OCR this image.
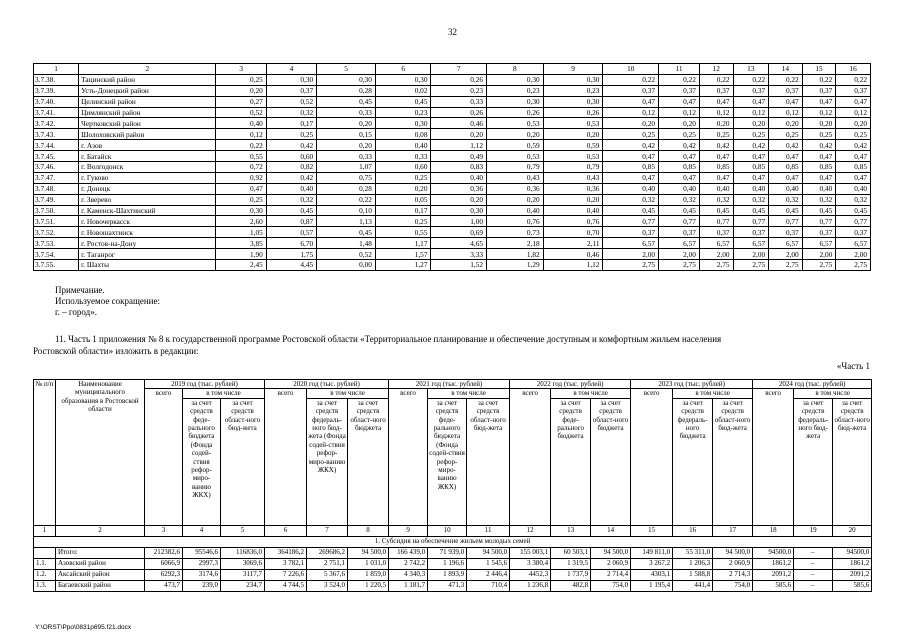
32
1	2	3	4	5	6	7	8	9	10	11	12	13	14	15	16
3.7.38.	Тацинский район	0,25	0,30	0,30	0,30	0,26	0,30	0,30	0,22	0,22	0,22	0,22	0,22	0,22	0,22
3.7.39.	Усть-Донецкий район	0,20	0,37	0,28	0,02	0,23	0,23	0,23	0,37	0,37	0,37	0,37	0,37	0,37	0,37
3.7.40.	Целинский район	0,27	0,52	0,45	0,45	0,33	0,30	0,30	0,47	0,47	0,47	0,47	0,47	0,47	0,47
3.7.41.	Цимлянский район	0,52	0,32	0,33	0,23	0,26	0,26	0,26	0,12	0,12	0,12	0,12	0,12	0,12	0,12
3.7.42.	Чертковский район	0,40	0,17	0,20	0,30	0,46	0,53	0,53	0,20	0,20	0,20	0,20	0,20	0,20	0,20
3.7.43.	Шолоховский район	0,12	0,25	0,15	0,08	0,20	0,20	0,20	0,25	0,25	0,25	0,25	0,25	0,25	0,25
3.7.44.	г. Азов	0,22	0,42	0,20	0,40	1,12	0,59	0,59	0,42	0,42	0,42	0,42	0,42	0,42	0,42
3.7.45.	г. Батайск	0,55	0,60	0,33	0,33	0,49	0,53	0,53	0,47	0,47	0,47	0,47	0,47	0,47	0,47
3.7.46.	г. Волгодонск	0,72	0,82	1,07	0,60	0,83	0,79	0,79	0,85	0,85	0,85	0,85	0,85	0,85	0,85
3.7.47.	г. Гуково	0,92	0,42	0,75	0,25	0,40	0,43	0,43	0,47	0,47	0,47	0,47	0,47	0,47	0,47
3.7.48.	г. Донецк	0,47	0,40	0,28	0,20	0,36	0,36	0,36	0,40	0,40	0,40	0,40	0,40	0,40	0,40
3.7.49.	г. Зверево	0,25	0,32	0,22	0,05	0,20	0,20	0,20	0,32	0,32	0,32	0,32	0,32	0,32	0,32
3.7.50.	г. Каменск-Шахтинский	0,30	0,45	0,10	0,17	0,30	0,40	0,40	0,45	0,45	0,45	0,45	0,45	0,45	0,45
3.7.51.	г. Новочеркасск	2,60	0,87	1,13	0,25	1,00	0,76	0,76	0,77	0,77	0,77	0,77	0,77	0,77	0,77
3.7.52.	г. Новошахтинск	1,05	0,57	0,45	0,55	0,69	0,73	0,70	0,37	0,37	0,37	0,37	0,37	0,37	0,37
3.7.53.	г. Ростов-на-Дону	3,85	6,70	1,48	1,17	4,65	2,18	2,11	6,57	6,57	6,57	6,57	6,57	6,57	6,57
3.7.54.	г. Таганрог	1,90	1,75	0,52	1,57	3,33	1,82	0,46	2,00	2,00	2,00	2,00	2,00	2,00	2,00
3.7.55.	г. Шахты	2,45	4,45	0,00	1,27	1,52	1,29	1,12	2,75	2,75	2,75	2,75	2,75	2,75	2,75
Примечание.
Используемое сокращение:
г. – город».
11. Часть 1 приложения № 8 к государственной программе Ростовской области «Территориальное планирование и обеспечение доступным и комфортным жильем населения
Ростовской области» изложить в редакции:
«Часть 1
№ п/п	Наименование муниципального образования в Ростовской области	2019 год (тыс. рублей)			2020 год (тыс. рублей)			2021 год (тыс. рублей)			2022 год (тыс. рублей)			2023 год (тыс. рублей)			2024 год (тыс. рублей)		
		всего	в том числе		всего	в том числе		всего	в том числе		всего	в том числе		всего	в том числе		всего	в том числе	
			за счет средств феде-рального бюджета (Фонда содей-ствия рефор-миро-ванию ЖКХ)	за счет средств област-ного бюд-жета		за счет средств федераль-ного бюд-жета (Фонда содей-ствия рефор-миро-ванию ЖКХ)	за счет средств област-ного бюджета		за счет средств феде-рального бюджета (Фонда содей-ствия рефор-миро-ванию ЖКХ)	за счет средств област-ного бюд-жета		за счет средств феде-рального бюджета	за счет средств област-ного бюджета		за счет средств федераль-ного бюджета	за счет средств област-ного бюд-жета		за счет средств федераль-ного бюд-жета	за счет средств област-ного бюд-жета
1	2	3	4	5	6	7	8	9	10	11	12	13	14	15	16	17	18	19	20
1. Субсидия на обеспечение жильем молодых семей																			
	Итого:	212382,6	95546,6	116836,0	364186,2	269686,2	94 500,0	166 439,0	71 939,0	94 500,0	155 003,1	60 503,1	94 500,0	149 811,0	55 311,0	94 500,0	94500,0	–	94500,0
1.1.	Азовский район	6066,9	2997,3	3069,6	3 782,1	2 751,1	1 031,0	2 742,2	1 196,6	1 545,6	3 380,4	1 319,5	2 060,9	3 267,2	1 206,3	2 060,9	1861,2	–	1861,2
1.2.	Аксайский район	6292,3	3174,6	3117,7	7 226,6	5 367,6	1 859,0	4 340,3	1 893,9	2 446,4	4452,3	1 737,9	2 714,4	4303,1	1 588,8	2 714,3	2091,2	–	2091,2
1.3.	Багаевский район	473,7	239,0	234,7	4 744,5	3 524,0	1 220,5	1 181,7	471,3	710,4	1 236,8	482,8	754,0	1 195,4	441,4	754,0	585,6	–	585,6
Y:\ORST\Ppo\0831p695.f21.docx
